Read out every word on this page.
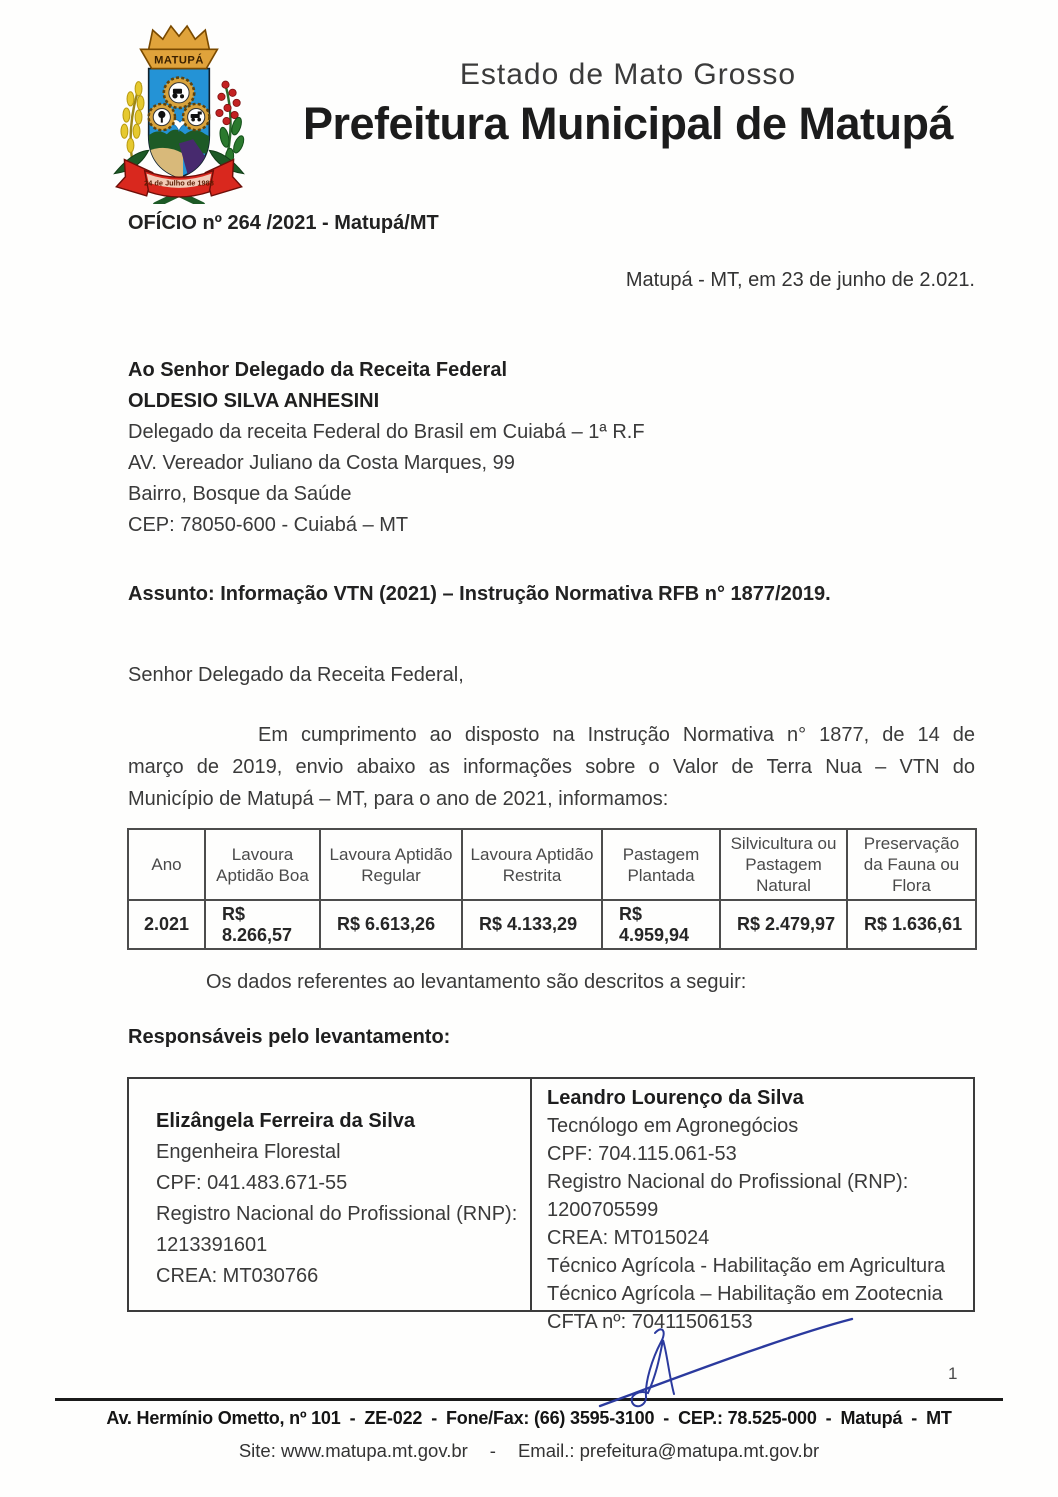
MATUPÁ
24 de Julho de 1988
Estado de Mato Grosso
Prefeitura Municipal de Matupá
OFÍCIO nº 264 /2021 - Matupá/MT
Matupá - MT, em 23 de junho de 2.021.
Ao Senhor Delegado da Receita Federal
OLDESIO SILVA ANHESINI
Delegado da receita Federal do Brasil em Cuiabá – 1ª R.F
AV. Vereador Juliano da Costa Marques, 99
Bairro, Bosque da Saúde
CEP: 78050-600 - Cuiabá – MT
Assunto: Informação VTN (2021) – Instrução Normativa RFB n° 1877/2019.
Senhor Delegado da Receita Federal,
Em cumprimento ao disposto na Instrução Normativa n° 1877, de 14 de
março de 2019, envio abaixo as informações sobre o Valor de Terra Nua – VTN do
Município de Matupá – MT, para o ano de 2021, informamos:
Ano	Lavoura Aptidão Boa	Lavoura Aptidão Regular	Lavoura Aptidão Restrita	Pastagem Plantada	Silvicultura ou Pastagem Natural	Preservação da Fauna ou Flora
2.021	R$ 8.266,57	R$ 6.613,26	R$ 4.133,29	R$ 4.959,94	R$ 2.479,97	R$ 1.636,61
Os dados referentes ao levantamento são descritos a seguir:
Responsáveis pelo levantamento:
Elizângela Ferreira da Silva
Engenheira Florestal
CPF: 041.483.671-55
Registro Nacional do Profissional (RNP):
1213391601
CREA: MT030766
Leandro Lourenço da Silva
Tecnólogo em Agronegócios
CPF: 704.115.061-53
Registro Nacional do Profissional (RNP):
1200705599
CREA: MT015024
Técnico Agrícola - Habilitação em Agricultura
Técnico Agrícola – Habilitação em Zootecnia
CFTA nº: 70411506153
1
Av. Hermínio Ometto, nº 101 - ZE-022 - Fone/Fax: (66) 3595-3100 - CEP.: 78.525-000 - Matupá - MT
Site: www.matupa.mt.gov.br - Email.: prefeitura@matupa.mt.gov.br
